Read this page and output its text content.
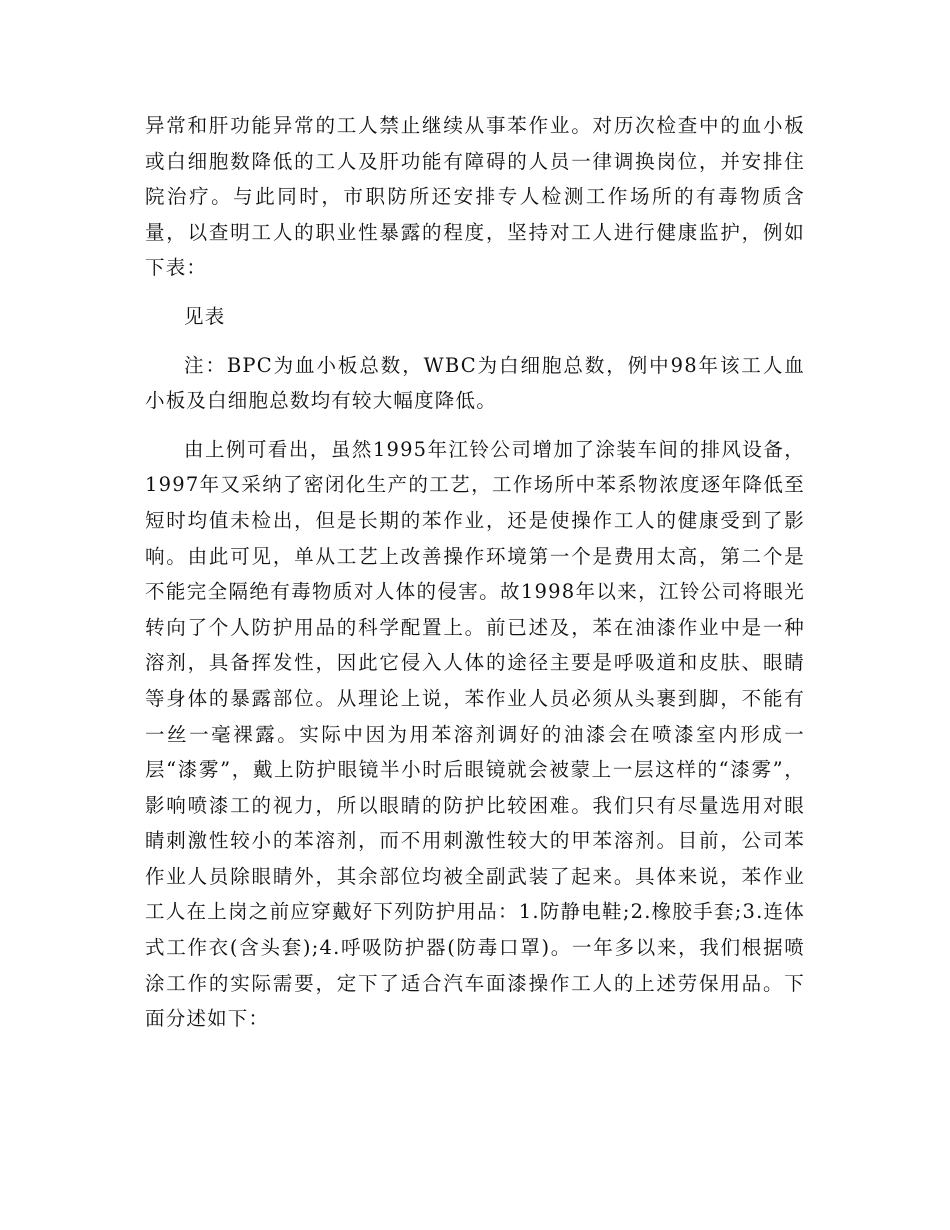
异常和肝功能异常的工人禁止继续从事苯作业。对历次检查中的血小板或白细胞数降低的工人及肝功能有障碍的人员一律调换岗位，并安排住院治疗。与此同时，市职防所还安排专人检测工作场所的有毒物质含量，以查明工人的职业性暴露的程度，坚持对工人进行健康监护，例如下表：

见表

注：BPC为血小板总数，WBC为白细胞总数，例中98年该工人血小板及白细胞总数均有较大幅度降低。

由上例可看出，虽然1995年江铃公司增加了涂装车间的排风设备，1997年又采纳了密闭化生产的工艺，工作场所中苯系物浓度逐年降低至短时均值未检出，但是长期的苯作业，还是使操作工人的健康受到了影响。由此可见，单从工艺上改善操作环境第一个是费用太高，第二个是不能完全隔绝有毒物质对人体的侵害。故1998年以来，江铃公司将眼光转向了个人防护用品的科学配置上。前已述及，苯在油漆作业中是一种溶剂，具备挥发性，因此它侵入人体的途径主要是呼吸道和皮肤、眼睛等身体的暴露部位。从理论上说，苯作业人员必须从头裹到脚，不能有一丝一毫裸露。实际中因为用苯溶剂调好的油漆会在喷漆室内形成一层“漆雾”，戴上防护眼镜半小时后眼镜就会被蒙上一层这样的“漆雾”，影响喷漆工的视力，所以眼睛的防护比较困难。我们只有尽量选用对眼睛刺激性较小的苯溶剂，而不用刺激性较大的甲苯溶剂。目前，公司苯作业人员除眼睛外，其余部位均被全副武装了起来。具体来说，苯作业工人在上岗之前应穿戴好下列防护用品：1.防静电鞋;2.橡胶手套;3.连体式工作衣(含头套);4.呼吸防护器(防毒口罩)。一年多以来，我们根据喷涂工作的实际需要，定下了适合汽车面漆操作工人的上述劳保用品。下面分述如下：
